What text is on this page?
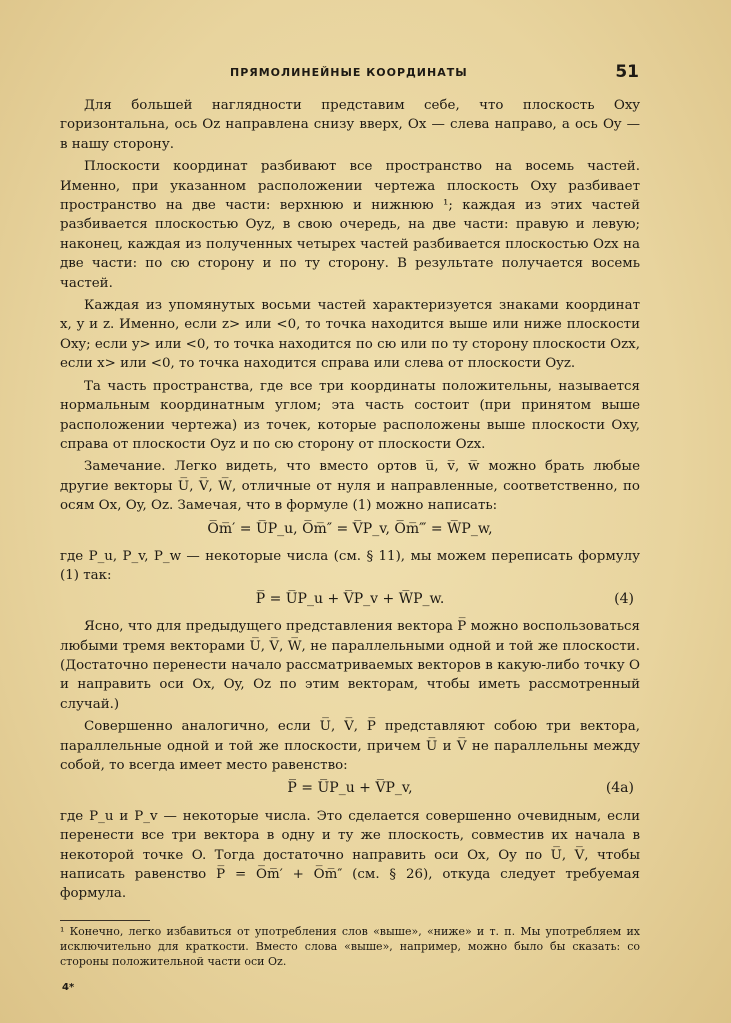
ПРЯМОЛИНЕЙНЫЕ КООРДИНАТЫ	51

Для большей наглядности представим себе, что плоскость Oxy горизонтальна, ось Oz направлена снизу вверх, Ox — слева направо, а ось Oy — в нашу сторону.

Плоскости координат разбивают все пространство на восемь частей. Именно, при указанном расположении чертежа плоскость Oxy разбивает пространство на две части: верхнюю и нижнюю ¹; каждая из этих частей разбивается плоскостью Oyz, в свою очередь, на две части: правую и левую; наконец, каждая из полученных четырех частей разбивается плоскостью Ozx на две части: по сю сторону и по ту сторону. В результате получается восемь частей.

Каждая из упомянутых восьми частей характеризуется знаками координат x, y и z. Именно, если z> или <0, то точка находится выше или ниже плоскости Oxy; если y> или <0, то точка находится по сю или по ту сторону плоскости Ozx, если x> или <0, то точка находится справа или слева от плоскости Oyz.

Та часть пространства, где все три координаты положительны, называется нормальным координатным углом; эта часть состоит (при принятом выше расположении чертежа) из точек, которые расположены выше плоскости Oxy, справа от плоскости Oyz и по сю сторону от плоскости Ozx.

Замечание. Легко видеть, что вместо ортов u̅, v̅, w̅ можно брать любые другие векторы U̅, V̅, W̅, отличные от нуля и направленные, соответственно, по осям Ox, Oy, Oz. Замечая, что в формуле (1) можно написать:

O̅m̅′ = U̅P_u, O̅m̅″ = V̅P_v, O̅m̅‴ = W̅P_w,

где P_u, P_v, P_w — некоторые числа (см. § 11), мы можем переписать формулу (1) так:

P̅ = U̅P_u + V̅P_v + W̅P_w.	(4)

Ясно, что для предыдущего представления вектора P̅ можно воспользоваться любыми тремя векторами U̅, V̅, W̅, не параллельными одной и той же плоскости. (Достаточно перенести начало рассматриваемых векторов в какую-либо точку O и направить оси Ox, Oy, Oz по этим векторам, чтобы иметь рассмотренный случай.)

Совершенно аналогично, если U̅, V̅, P̅ представляют собою три вектора, параллельные одной и той же плоскости, причем U̅ и V̅ не параллельны между собой, то всегда имеет место равенство:

P̅ = U̅P_u + V̅P_v,	(4а)

где P_u и P_v — некоторые числа. Это сделается совершенно очевидным, если перенести все три вектора в одну и ту же плоскость, совместив их начала в некоторой точке O. Тогда достаточно направить оси Ox, Oy по U̅, V̅, чтобы написать равенство P̅ = O̅m̅′ + O̅m̅″ (см. § 26), откуда следует требуемая формула.

¹ Конечно, легко избавиться от употребления слов «выше», «ниже» и т. п. Мы употребляем их исключительно для краткости. Вместо слова «выше», например, можно было бы сказать: со стороны положительной части оси Oz.
4*
